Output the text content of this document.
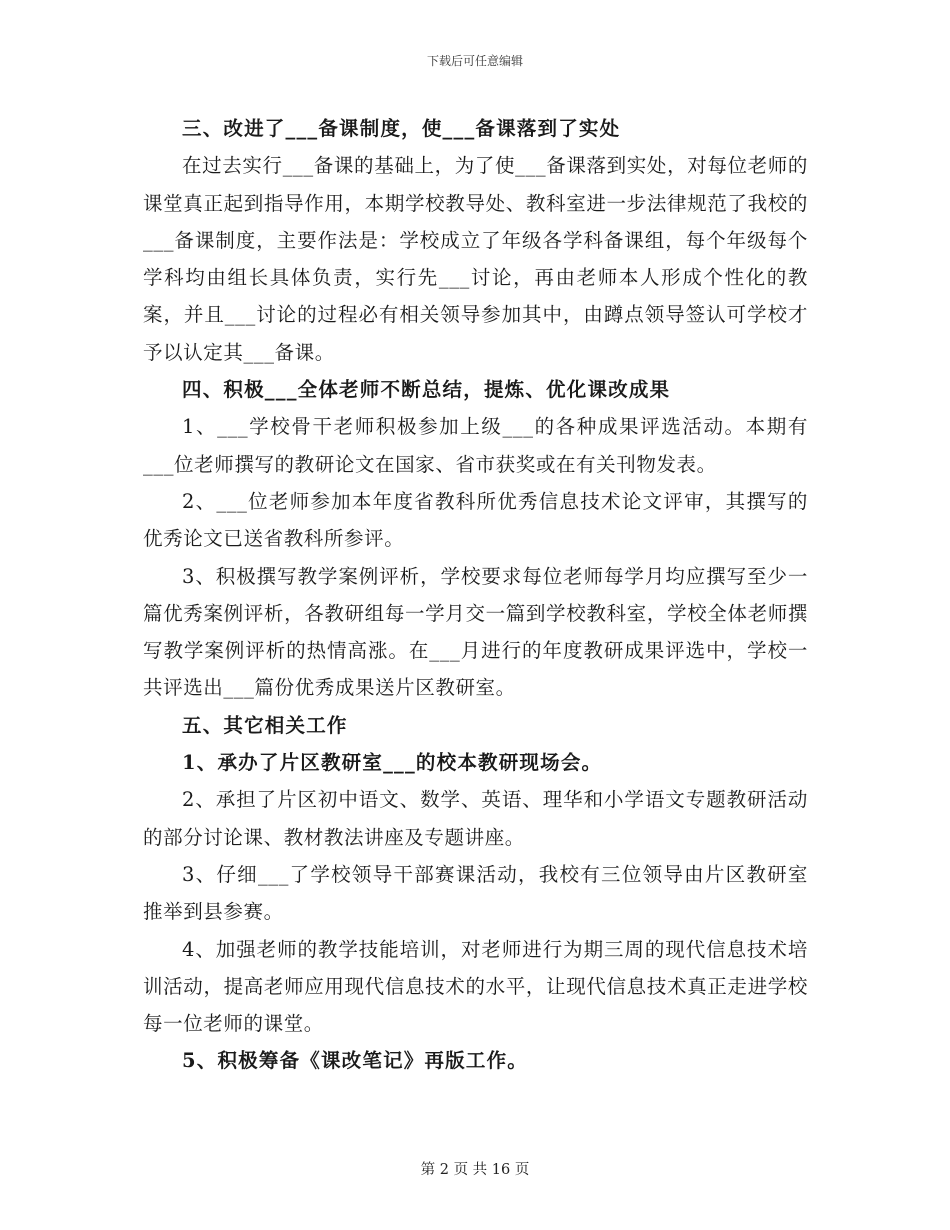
下载后可任意编辑

三、改进了___备课制度，使___备课落到了实处

在过去实行___备课的基础上，为了使___备课落到实处，对每位老师的课堂真正起到指导作用，本期学校教导处、教科室进一步法律规范了我校的___备课制度，主要作法是：学校成立了年级各学科备课组，每个年级每个学科均由组长具体负责，实行先___讨论，再由老师本人形成个性化的教案，并且___讨论的过程必有相关领导参加其中，由蹲点领导签认可学校才予以认定其___备课。

四、积极___全体老师不断总结，提炼、优化课改成果

1、___学校骨干老师积极参加上级___的各种成果评选活动。本期有___位老师撰写的教研论文在国家、省市获奖或在有关刊物发表。

2、___位老师参加本年度省教科所优秀信息技术论文评审，其撰写的优秀论文已送省教科所参评。

3、积极撰写教学案例评析，学校要求每位老师每学月均应撰写至少一篇优秀案例评析，各教研组每一学月交一篇到学校教科室，学校全体老师撰写教学案例评析的热情高涨。在___月进行的年度教研成果评选中，学校一共评选出___篇份优秀成果送片区教研室。

五、其它相关工作

1、承办了片区教研室___的校本教研现场会。

2、承担了片区初中语文、数学、英语、理华和小学语文专题教研活动的部分讨论课、教材教法讲座及专题讲座。

3、仔细___了学校领导干部赛课活动，我校有三位领导由片区教研室推举到县参赛。

4、加强老师的教学技能培训，对老师进行为期三周的现代信息技术培训活动，提高老师应用现代信息技术的水平，让现代信息技术真正走进学校每一位老师的课堂。

5、积极筹备《课改笔记》再版工作。

第 2 页 共 16 页
